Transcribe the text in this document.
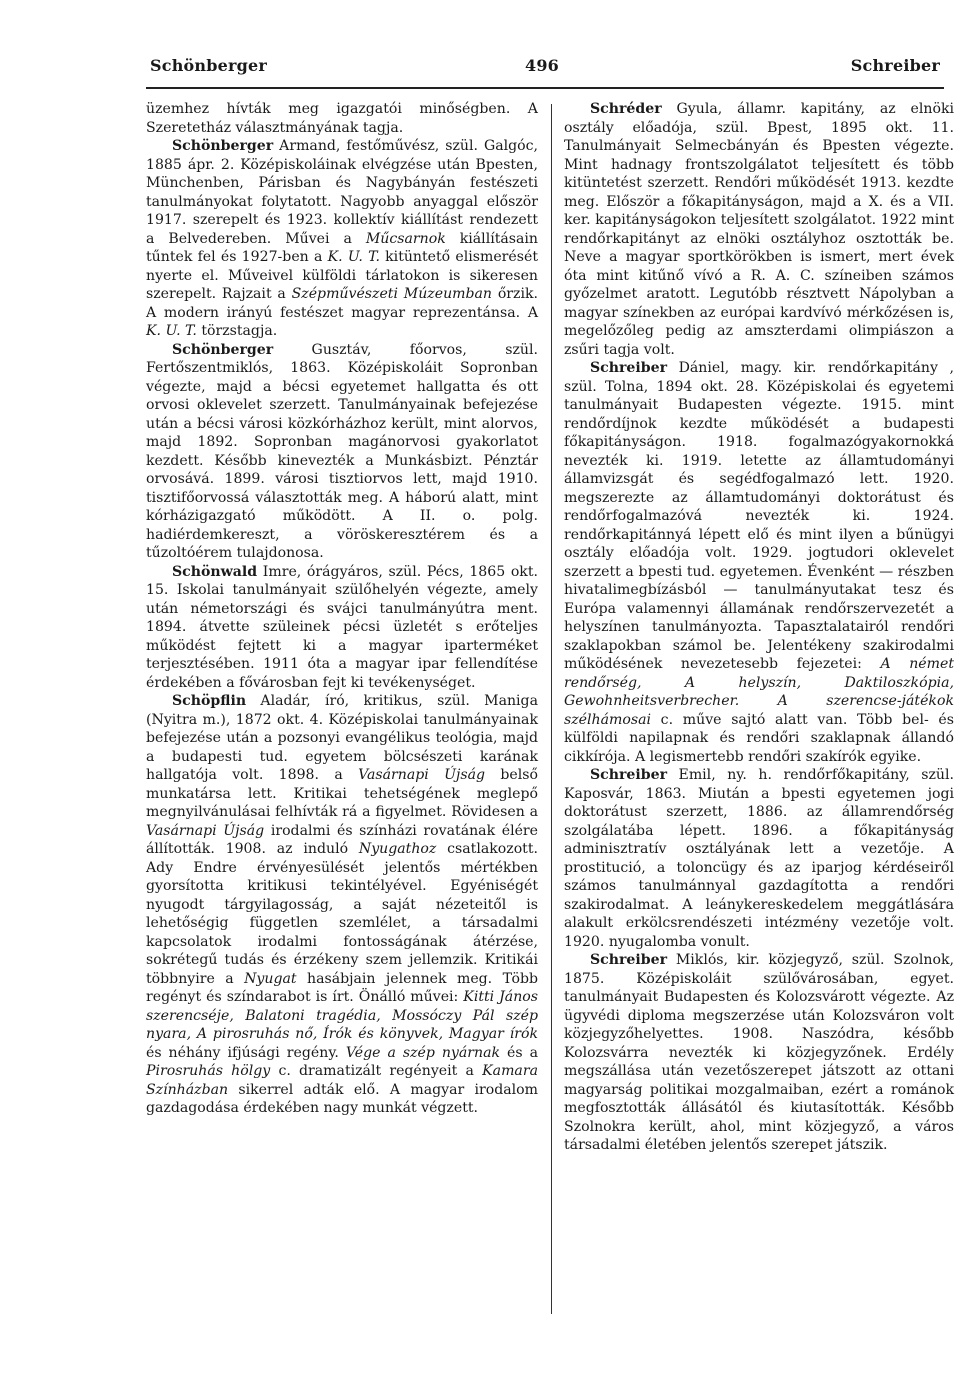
Schönberger	496	Schreiber

üzemhez hívták meg igazgatói minőségben. A Szeretetház választmányának tagja.

Schönberger Armand, festőművész, szül. Galgóc, 1885 ápr. 2. Középiskoláinak elvégzése után Bpesten, Münchenben, Párisban és Nagybányán festészeti tanulmányokat folytatott. Nagyobb anyaggal először 1917. szerepelt és 1923. kollektív kiállítást rendezett a Belvedereben. Művei a Műcsarnok kiállításain tűntek fel és 1927-ben a K. U. T. kitüntető elismerését nyerte el. Műveivel külföldi tárlatokon is sikeresen szerepelt. Rajzait a Szépművészeti Múzeumban őrzik. A modern irányú festészet magyar reprezentánsa. A K. U. T. törzstagja.

Schönberger Gusztáv, főorvos, szül. Fertőszentmiklós, 1863. Középiskoláit Sopronban végezte, majd a bécsi egyetemet hallgatta és ott orvosi oklevelet szerzett. Tanulmányainak befejezése után a bécsi városi közkórházhoz került, mint alorvos, majd 1892. Sopronban magánorvosi gyakorlatot kezdett. Később kinevezték a Munkásbizt. Pénztár orvosává. 1899. városi tisztiorvos lett, majd 1910. tisztifőorvossá választották meg. A háború alatt, mint kórházigazgató működött. A II. o. polg. hadiérdemkereszt, a vöröskeresztérem és a tűzoltóérem tulajdonosa.

Schönwald Imre, órágyáros, szül. Pécs, 1865 okt. 15. Iskolai tanulmányait szülőhelyén végezte, amely után németországi és svájci tanulmányútra ment. 1894. átvette szüleinek pécsi üzletét s erőteljes működést fejtett ki a magyar iparterméket terjesztésében. 1911 óta a magyar ipar fellendítése érdekében a fővárosban fejt ki tevékenységet.

Schöpflin Aladár, író, kritikus, szül. Maniga (Nyitra m.), 1872 okt. 4. Középiskolai tanulmányainak befejezése után a pozsonyi evangélikus teológia, majd a budapesti tud. egyetem bölcsészeti karának hallgatója volt. 1898. a Vasárnapi Újság belső munkatársa lett. Kritikai tehetségének meglepő megnyilvánulásai felhívták rá a figyelmet. Rövidesen a Vasárnapi Újság irodalmi és színházi rovatának élére állították. 1908. az induló Nyugathoz csatlakozott. Ady Endre érvényesülését jelentős mértékben gyorsította kritikusi tekintélyével. Egyéniségét nyugodt tárgyilagosság, a saját nézeteitől is lehetőségig független szemlélet, a társadalmi kapcsolatok irodalmi fontosságának átérzése, sokrétegű tudás és érzékeny szem jellemzik. Kritikái többnyire a Nyugat hasábjain jelennek meg. Több regényt és színdarabot is írt. Önálló művei: Kitti János szerencséje, Balatoni tragédia, Mossóczy Pál szép nyara, A pirosruhás nő, Írók és könyvek, Magyar írók és néhány ifjúsági regény. Vége a szép nyárnak és a Pirosruhás hölgy c. dramatizált regényeit a Kamara Színházban sikerrel adták elő. A magyar irodalom gazdagodása érdekében nagy munkát végzett.

Schréder Gyula, államr. kapitány, az elnöki osztály előadója, szül. Bpest, 1895 okt. 11. Tanulmányait Selmecbányán és Bpesten végezte. Mint hadnagy frontszolgálatot teljesített és több kitüntetést szerzett. Rendőri működését 1913. kezdte meg. Először a főkapitányságon, majd a X. és a VII. ker. kapitányságokon teljesített szolgálatot. 1922 mint rendőrkapitányt az elnöki osztályhoz osztották be. Neve a magyar sportkörökben is ismert, mert évek óta mint kitűnő vívó a R. A. C. színeiben számos győzelmet aratott. Legutóbb résztvett Nápolyban a magyar színekben az európai kardvívó mérkőzésen is, megelőzőleg pedig az amszterdami olimpiászon a zsűri tagja volt.

Schreiber Dániel, magy. kir. rendőrkapitány , szül. Tolna, 1894 okt. 28. Középiskolai és egyetemi tanulmányait Budapesten végezte. 1915. mint rendőrdíjnok kezdte működését a budapesti főkapitányságon. 1918. fogalmazógyakornokká nevezték ki. 1919. letette az államtudományi államvizsgát és segédfogalmazó lett. 1920. megszerezte az államtudományi doktorátust és rendőrfogalmazóvá nevezték ki. 1924. rendőrkapitánnyá lépett elő és mint ilyen a bűnügyi osztály előadója volt. 1929. jogtudori oklevelet szerzett a bpesti tud. egyetemen. Évenként — részben hivatalimegbízásból — tanulmányutakat tesz és Európa valamennyi államának rendőrszervezetét a helyszínen tanulmányozta. Tapasztalatairól rendőri szaklapokban számol be. Jelentékeny szakirodalmi működésének nevezetesebb fejezetei: A német rendőrség, A helyszín, Daktiloszkópia, Gewohnheitsverbrecher. A szerencse-játékok szélhámosai c. műve sajtó alatt van. Több bel- és külföldi napilapnak és rendőri szaklapnak állandó cikkírója. A legismertebb rendőri szakírók egyike.

Schreiber Emil, ny. h. rendőrfőkapitány, szül. Kaposvár, 1863. Miután a bpesti egyetemen jogi doktorátust szerzett, 1886. az államrendőrség szolgálatába lépett. 1896. a főkapitányság adminisztratív osztályának lett a vezetője. A prostitució, a toloncügy és az iparjog kérdéseiről számos tanulmánnyal gazdagította a rendőri szakirodalmat. A leánykereskedelem meggátlására alakult erkölcsrendészeti intézmény vezetője volt. 1920. nyugalomba vonult.

Schreiber Miklós, kir. közjegyző, szül. Szolnok, 1875. Középiskoláit szülővárosában, egyet. tanulmányait Budapesten és Kolozsvárott végezte. Az ügyvédi diploma megszerzése után Kolozsváron volt közjegyzőhelyettes. 1908. Naszódra, később Kolozsvárra nevezték ki közjegyzőnek. Erdély megszállása után vezetőszerepet játszott az ottani magyarság politikai mozgalmaiban, ezért a románok megfosztották állásától és kiutasították. Később Szolnokra került, ahol, mint közjegyző, a város társadalmi életében jelentős szerepet játszik.
